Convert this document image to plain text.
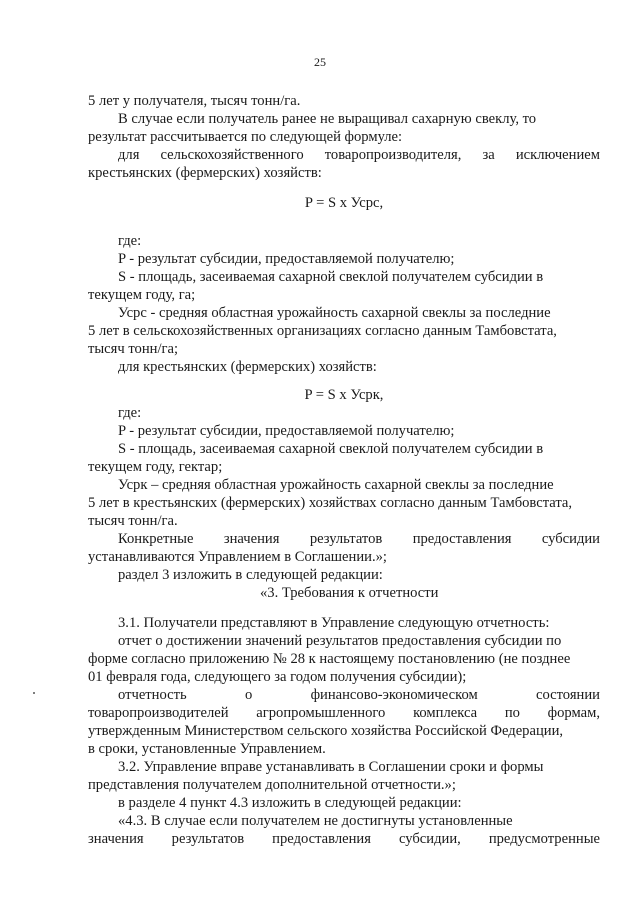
25
5 лет у получателя, тысяч тонн/га.
В случае если получатель ранее не выращивал сахарную свеклу, то
результат рассчитывается по следующей формуле:
для сельскохозяйственного товаропроизводителя, за исключением
крестьянских (фермерских) хозяйств:
P = S x Усрс,
где:
P - результат субсидии, предоставляемой получателю;
S - площадь, засеиваемая сахарной свеклой получателем субсидии в
текущем году, га;
Усрс - средняя областная урожайность сахарной свеклы за последние
5 лет в сельскохозяйственных организациях согласно данным Тамбовстата,
тысяч тонн/га;
для крестьянских (фермерских) хозяйств:
P = S x Усрк,
где:
P - результат субсидии, предоставляемой получателю;
S - площадь, засеиваемая сахарной свеклой получателем субсидии в
текущем году, гектар;
Усрк – средняя областная урожайность сахарной свеклы за последние
5 лет в крестьянских (фермерских) хозяйствах согласно данным Тамбовстата,
тысяч тонн/га.
Конкретные значения результатов предоставления субсидии
устанавливаются Управлением в Соглашении.»;
раздел 3 изложить в следующей редакции:
«3. Требования к отчетности
3.1. Получатели представляют в Управление следующую отчетность:
отчет о достижении значений результатов предоставления субсидии по
форме согласно приложению № 28 к настоящему постановлению (не позднее
01 февраля года, следующего за годом получения субсидии);
отчетность	о	финансово-экономическом	состоянии
товаропроизводителей агропромышленного комплекса по формам,
утвержденным Министерством сельского хозяйства Российской Федерации,
в сроки, установленные Управлением.
3.2. Управление вправе устанавливать в Соглашении сроки и формы
представления получателем дополнительной отчетности.»;
в разделе 4 пункт 4.3 изложить в следующей редакции:
«4.3. В случае если получателем не достигнуты установленные
значения результатов предоставления субсидии, предусмотренные
